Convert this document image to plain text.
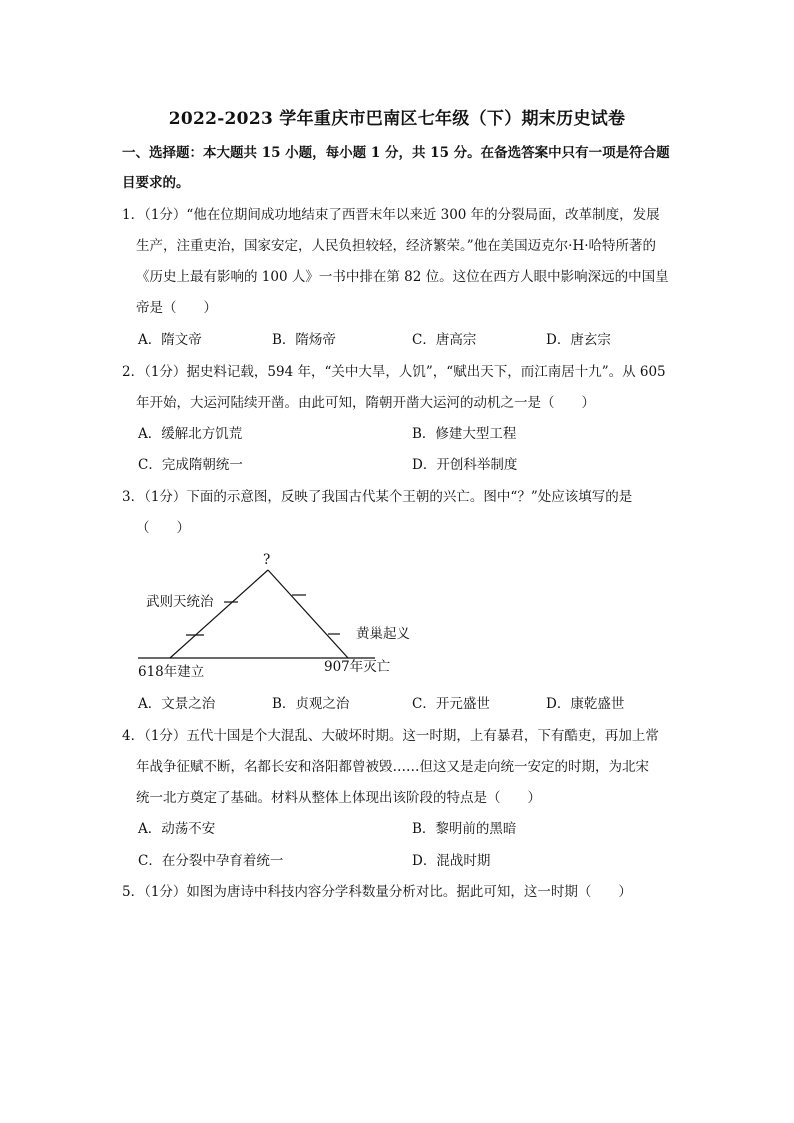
2022-2023 学年重庆市巴南区七年级（下）期末历史试卷
一、选择题：本大题共 15 小题，每小题 1 分，共 15 分。在备选答案中只有一项是符合题
目要求的。
1．（1分）“他在位期间成功地结束了西晋末年以来近 300 年的分裂局面，改革制度，发展
生产，注重吏治，国家安定，人民负担较轻，经济繁荣。”他在美国迈克尔·H·哈特所著的
《历史上最有影响的 100 人》一书中排在第 82 位。这位在西方人眼中影响深远的中国皇
帝是（　　）
A．隋文帝	B．隋炀帝	C．唐高宗	D．唐玄宗
2．（1分）据史料记载，594 年，“关中大旱，人饥”，“赋出天下，而江南居十九”。从 605
年开始，大运河陆续开凿。由此可知，隋朝开凿大运河的动机之一是（　　）
A．缓解北方饥荒	B．修建大型工程
C．完成隋朝统一	D．开创科举制度
3．（1分）下面的示意图，反映了我国古代某个王朝的兴亡。图中“？”处应该填写的是
（　　）
?
武则天统治
黄巢起义
618年建立	907年灭亡
A．文景之治	B．贞观之治	C．开元盛世	D．康乾盛世
4．（1分）五代十国是个大混乱、大破坏时期。这一时期，上有暴君，下有酷吏，再加上常
年战争征赋不断，名都长安和洛阳都曾被毁……但这又是走向统一安定的时期，为北宋
统一北方奠定了基础。材料从整体上体现出该阶段的特点是（　　）
A．动荡不安	B．黎明前的黑暗
C．在分裂中孕育着统一	D．混战时期
5．（1分）如图为唐诗中科技内容分学科数量分析对比。据此可知，这一时期（　　）
